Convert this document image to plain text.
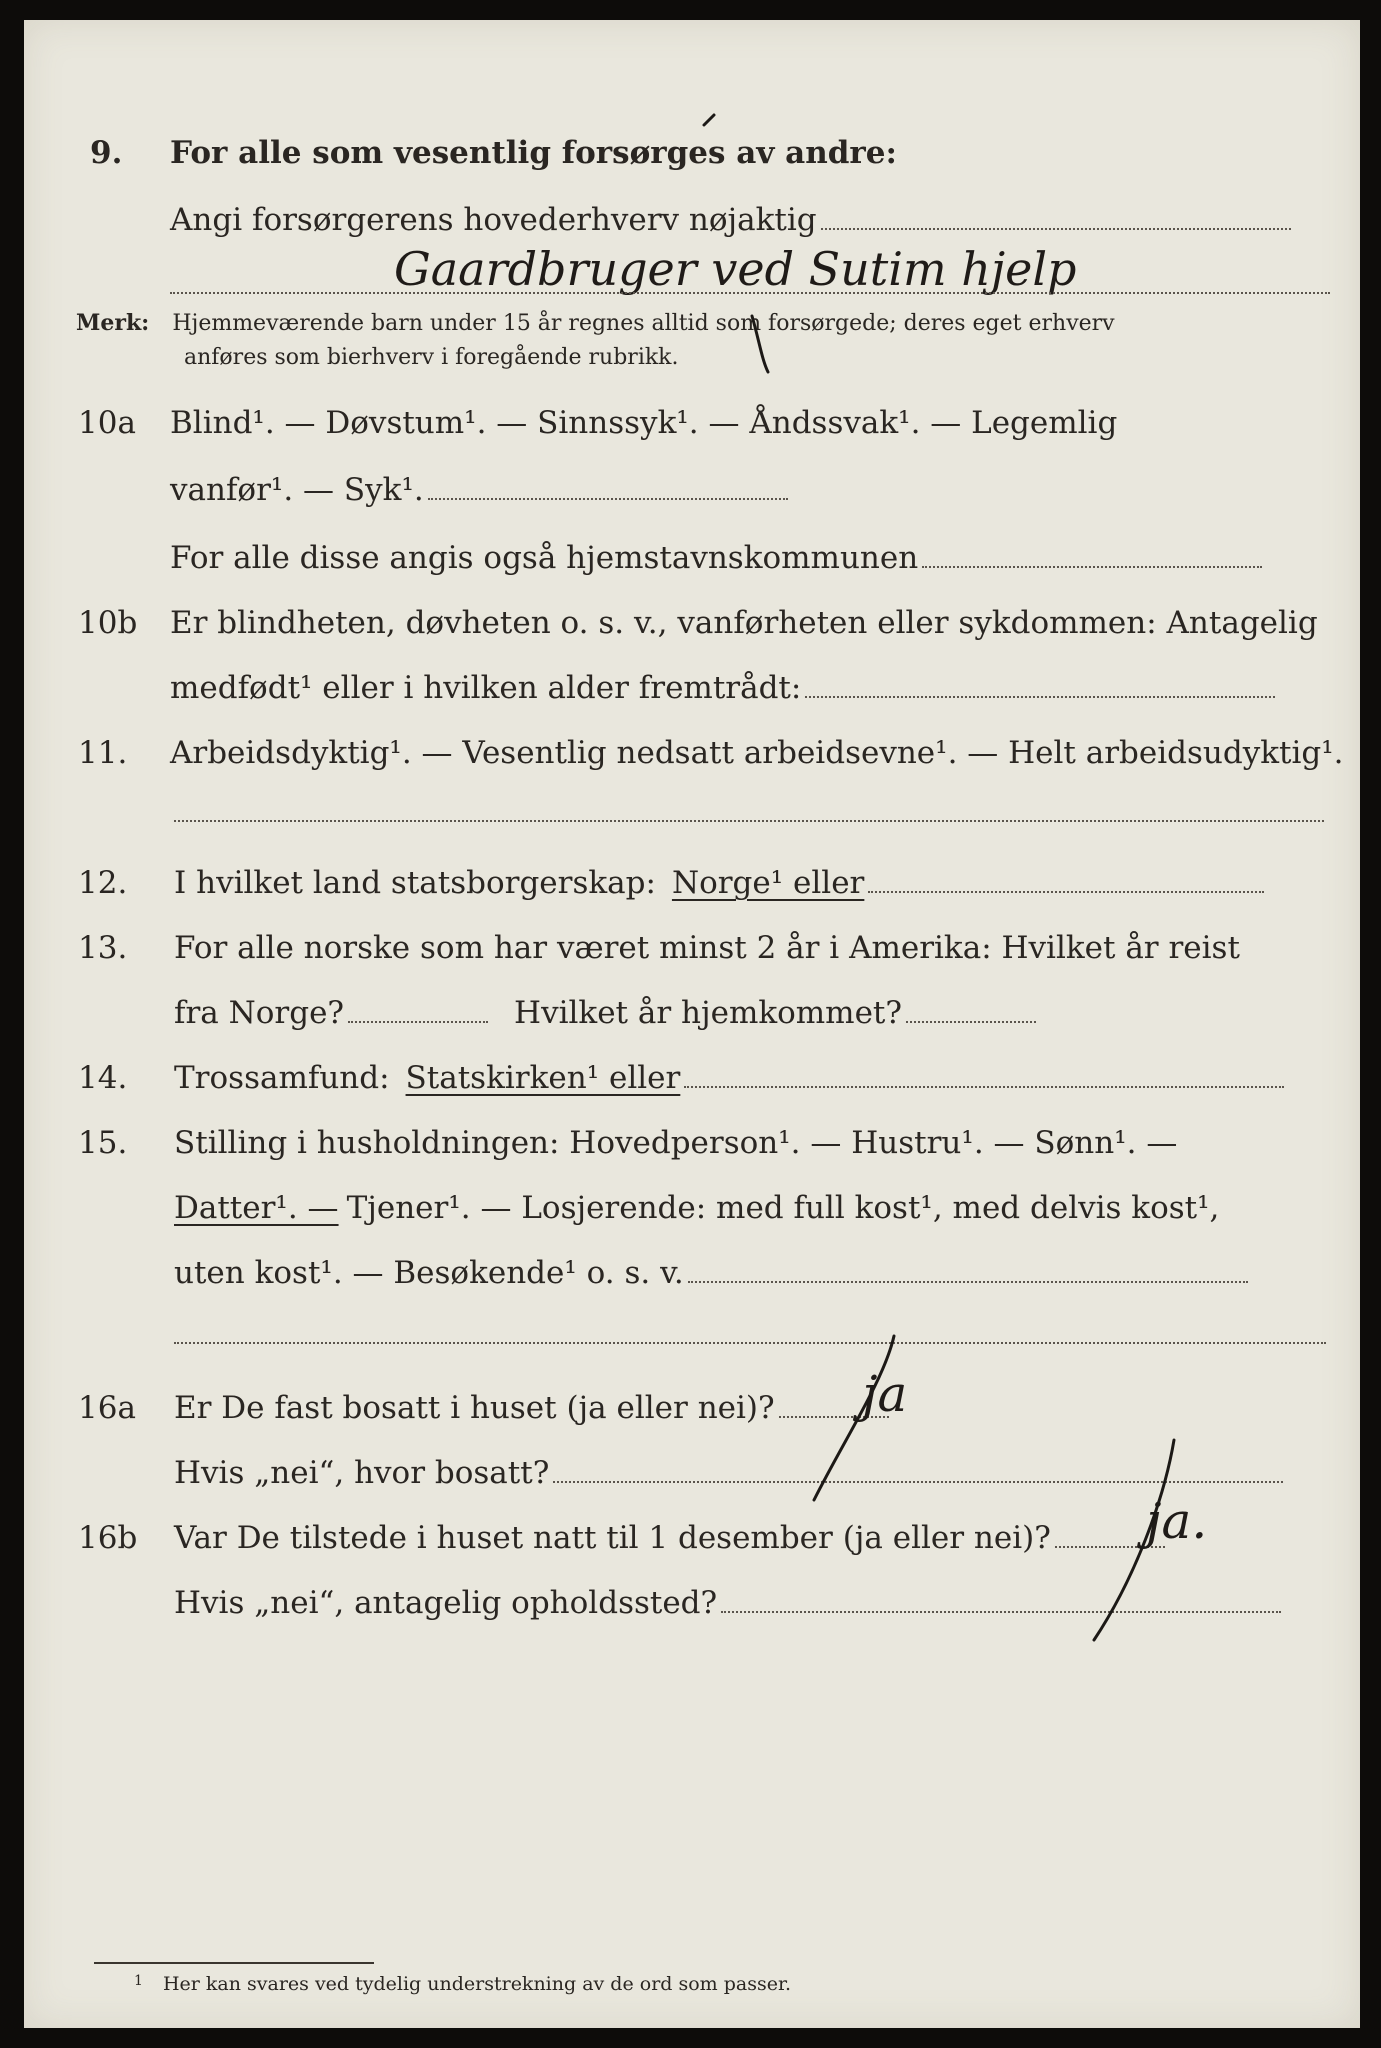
9.	For alle som vesentlig forsørges av andre:
Angi forsørgerens hovederhverv nøjaktig
Gaardbruger ved Sutim hjelp
Merk: Hjemmeværende barn under 15 år regnes alltid som forsørgede; deres eget erhverv
anføres som bierhverv i foregående rubrikk.
10a	Blind¹. — Døvstum¹. — Sinnssyk¹. — Åndssvak¹. — Legemlig
vanfør¹. — Syk¹.
For alle disse angis også hjemstavnskommunen
10b	Er blindheten, døvheten o. s. v., vanførheten eller sykdommen: Antagelig
medfødt¹ eller i hvilken alder fremtrådt:
11.	Arbeidsdyktig¹. — Vesentlig nedsatt arbeidsevne¹. — Helt arbeidsudyktig¹.
12.	I hvilket land statsborgerskap: Norge¹ eller
13.	For alle norske som har været minst 2 år i Amerika: Hvilket år reist
fra Norge?	Hvilket år hjemkommet?
14.	Trossamfund: Statskirken¹ eller
15.	Stilling i husholdningen: Hovedperson¹. — Hustru¹. — Sønn¹. —
Datter¹. — Tjener¹. — Losjerende: med full kost¹, med delvis kost¹,
uten kost¹. — Besøkende¹ o. s. v.
16a	Er De fast bosatt i huset (ja eller nei)? ja
Hvis „nei“, hvor bosatt?
16b	Var De tilstede i huset natt til 1 desember (ja eller nei)? ja.
Hvis „nei“, antagelig opholdssted?
$^1$ Her kan svares ved tydelig understrekning av de ord som passer.
